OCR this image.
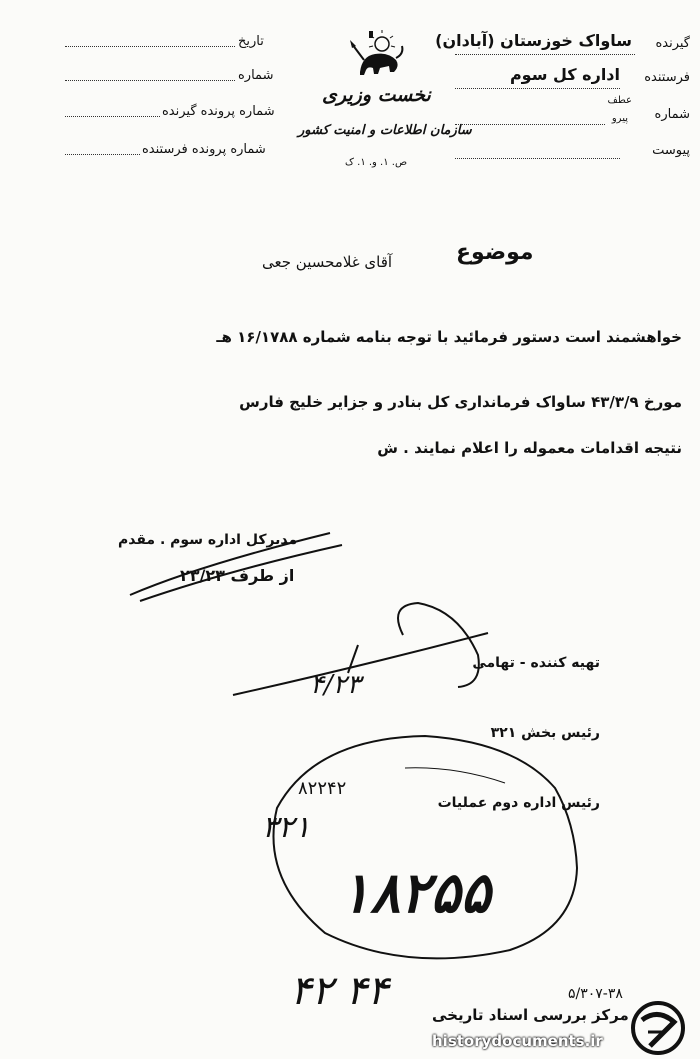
گیرنده
ساواک خوزستان (آبادان)
فرستنده
اداره کل سوم
شماره
عطف
پیرو
پیوست
تاریخ
شماره
شماره پرونده گیرنده
شماره پرونده فرستنده
نخست وزیری
سازمان اطلاعات و امنیت کشور
ص. ۱. و. ۱. ک
موضوع
آقای غلامحسین جعی
خواهشمند است دستور فرمائید با توجه بنامه شماره ۱۶/۱۷۸۸ هـ
مورخ ۴۳/۳/۹ ساواک فرمانداری کل بنادر و جزایر خلیج فارس
نتیجه اقدامات معموله را اعلام نمایند . ش
مدیرکل اداره سوم . مقدم
از طرف ۲۳/۲۳
تهیه کننده - تهامی
۴/۲۳
رئیس بخش ۳۲۱
رئیس اداره دوم عملیات
۸۲۲۴۲
۳۲۱
۱۸۲۵۵
۴۴ ۴۲	۵/۳۰۷-۳۸
مرکز بررسی اسناد تاریخی
historydocuments.ir
